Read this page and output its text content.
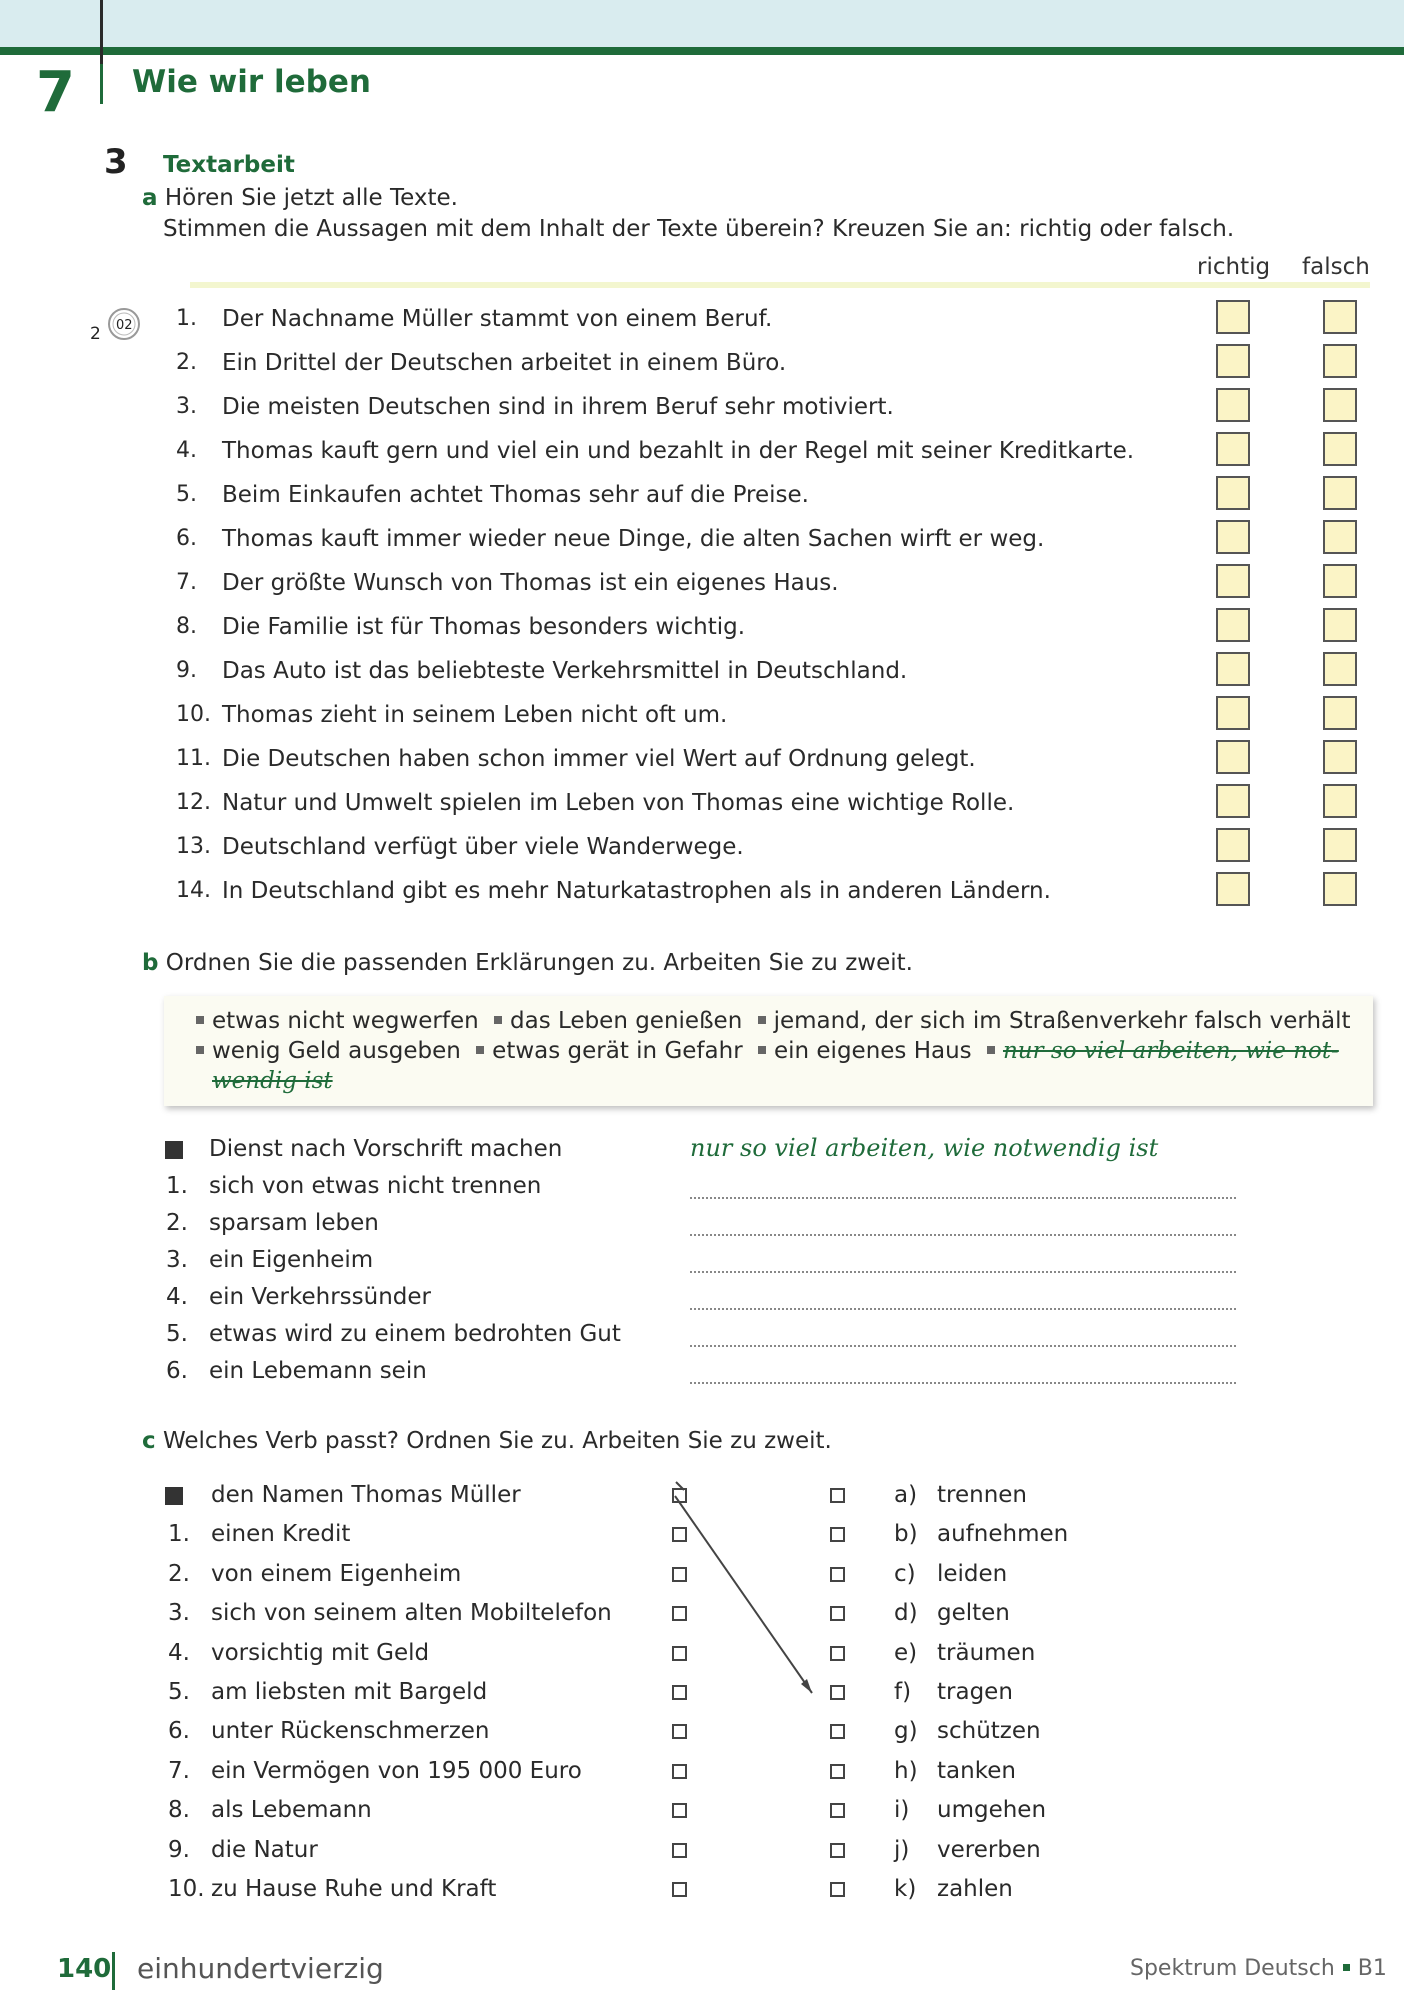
7 Wie wir leben
3 Textarbeit
a Hören Sie jetzt alle Texte.
Stimmen die Aussagen mit dem Inhalt der Texte überein? Kreuzen Sie an: richtig oder falsch.
richtig falsch
2 02 1. Der Nachname Müller stammt von einem Beruf.
2. Ein Drittel der Deutschen arbeitet in einem Büro.
3. Die meisten Deutschen sind in ihrem Beruf sehr motiviert.
4. Thomas kauft gern und viel ein und bezahlt in der Regel mit seiner Kreditkarte.
5. Beim Einkaufen achtet Thomas sehr auf die Preise.
6. Thomas kauft immer wieder neue Dinge, die alten Sachen wirft er weg.
7. Der größte Wunsch von Thomas ist ein eigenes Haus.
8. Die Familie ist für Thomas besonders wichtig.
9. Das Auto ist das beliebteste Verkehrsmittel in Deutschland.
10. Thomas zieht in seinem Leben nicht oft um.
11. Die Deutschen haben schon immer viel Wert auf Ordnung gelegt.
12. Natur und Umwelt spielen im Leben von Thomas eine wichtige Rolle.
13. Deutschland verfügt über viele Wanderwege.
14. In Deutschland gibt es mehr Naturkatastrophen als in anderen Ländern.
b Ordnen Sie die passenden Erklärungen zu. Arbeiten Sie zu zweit.
etwas nicht wegwerfen das Leben genießen jemand, der sich im Straßenverkehr falsch verhält
wenig Geld ausgeben etwas gerät in Gefahr ein eigenes Haus nur so viel arbeiten, wie not-
wendig ist
Dienst nach Vorschrift machen	nur so viel arbeiten, wie notwendig ist
1. sich von etwas nicht trennen
2. sparsam leben
3. ein Eigenheim
4. ein Verkehrssünder
5. etwas wird zu einem bedrohten Gut
6. ein Lebemann sein
c Welches Verb passt? Ordnen Sie zu. Arbeiten Sie zu zweit.
den Namen Thomas Müller	a) trennen
1. einen Kredit	b) aufnehmen
2. von einem Eigenheim	c) leiden
3. sich von seinem alten Mobiltelefon	d) gelten
4. vorsichtig mit Geld	e) träumen
5. am liebsten mit Bargeld	f) tragen
6. unter Rückenschmerzen	g) schützen
7. ein Vermögen von 195 000 Euro	h) tanken
8. als Lebemann	i) umgehen
9. die Natur	j) vererben
10. zu Hause Ruhe und Kraft	k) zahlen
140 einhundertvierzig	Spektrum Deutsch B1
